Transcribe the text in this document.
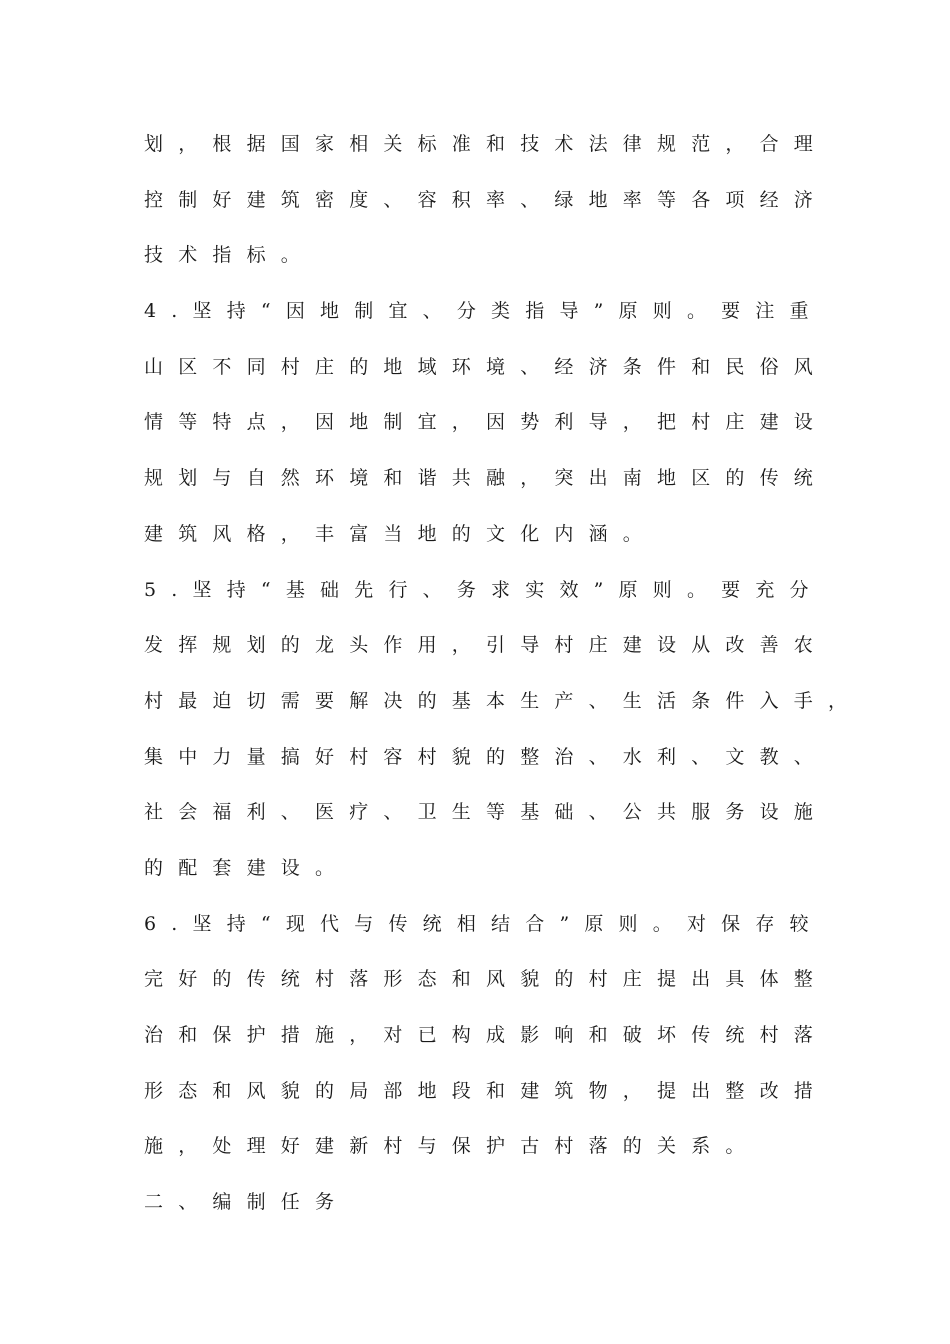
划，根据国家相关标准和技术法律规范，合理
控制好建筑密度、容积率、绿地率等各项经济
技术指标。
4.坚持“因地制宜、分类指导”原则。要注重
山区不同村庄的地域环境、经济条件和民俗风
情等特点，因地制宜，因势利导，把村庄建设
规划与自然环境和谐共融，突出南地区的传统
建筑风格，丰富当地的文化内涵。
5.坚持“基础先行、务求实效”原则。要充分
发挥规划的龙头作用，引导村庄建设从改善农
村最迫切需要解决的基本生产、生活条件入手，
集中力量搞好村容村貌的整治、水利、文教、
社会福利、医疗、卫生等基础、公共服务设施
的配套建设。
6.坚持“现代与传统相结合”原则。对保存较
完好的传统村落形态和风貌的村庄提出具体整
治和保护措施，对已构成影响和破坏传统村落
形态和风貌的局部地段和建筑物，提出整改措
施，处理好建新村与保护古村落的关系。
二、编制任务
